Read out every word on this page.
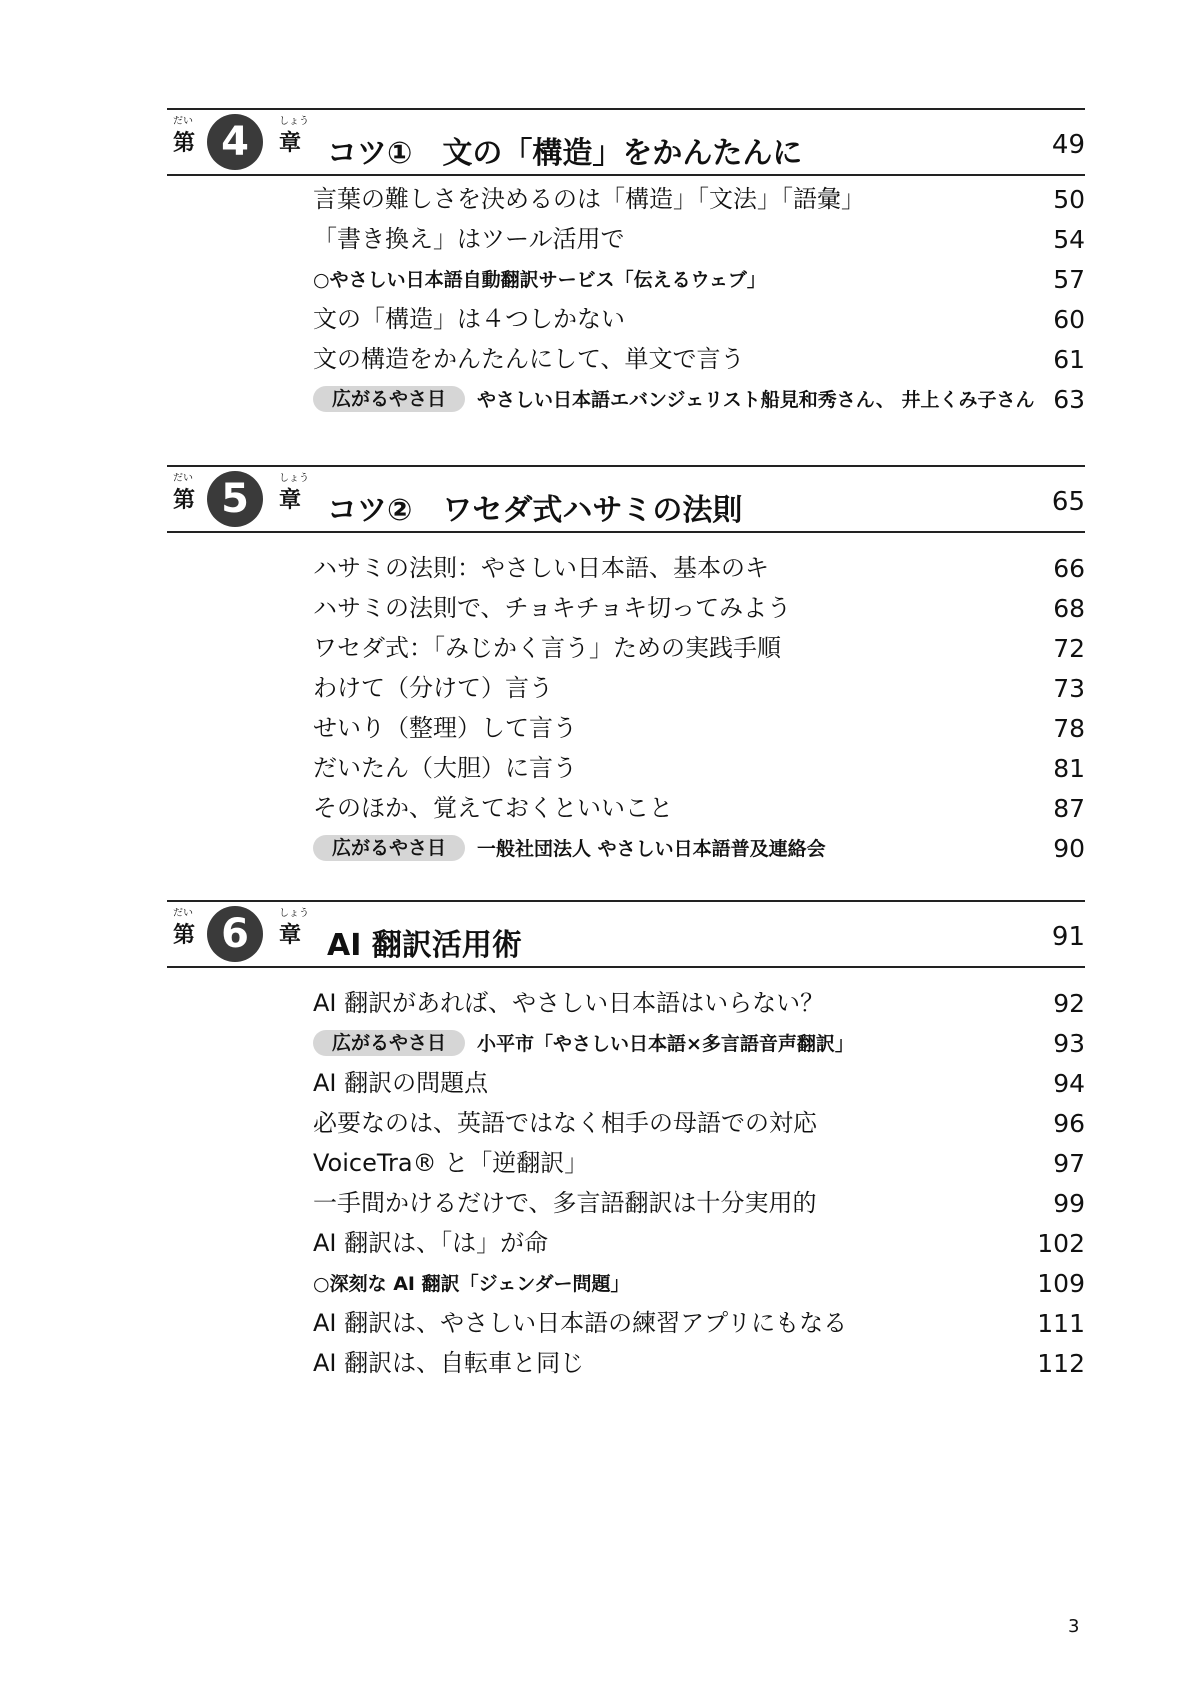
だい
第 4	しょう
章 コツ①　文の「構造」をかんたんに	49
言葉の難しさを決めるのは「構造」「文法」「語彙」	50
「書き換え」はツール活用で	54
○やさしい日本語自動翻訳サービス「伝えるウェブ」	57
文の「構造」は４つしかない	60
文の構造をかんたんにして、単文で言う	61
広がるやさ日	やさしい日本語エバンジェリスト船見和秀さん、 井上くみ子さん 63
だい
第 5	しょう
章 コツ②　ワセダ式ハサミの法則	65
ハサミの法則：やさしい日本語、基本のキ	66
ハサミの法則で、チョキチョキ切ってみよう	68
ワセダ式：「みじかく言う」ための実践手順	72
わけて（分けて）言う	73
せいり（整理）して言う	78
だいたん（大胆）に言う	81
そのほか、覚えておくといいこと	87
広がるやさ日	一般社団法人 やさしい日本語普及連絡会	90
だい
第 6	しょう
章 AI 翻訳活用術	91
AI 翻訳があれば、やさしい日本語はいらない？	92
広がるやさ日	小平市「やさしい日本語×多言語音声翻訳」	93
AI 翻訳の問題点	94
必要なのは、英語ではなく相手の母語での対応	96
VoiceTra® と「逆翻訳」	97
一手間かけるだけで、多言語翻訳は十分実用的	99
AI 翻訳は、「は」が命	102
○深刻な AI 翻訳「ジェンダー問題」	109
AI 翻訳は、やさしい日本語の練習アプリにもなる	111
AI 翻訳は、自転車と同じ	112
3
